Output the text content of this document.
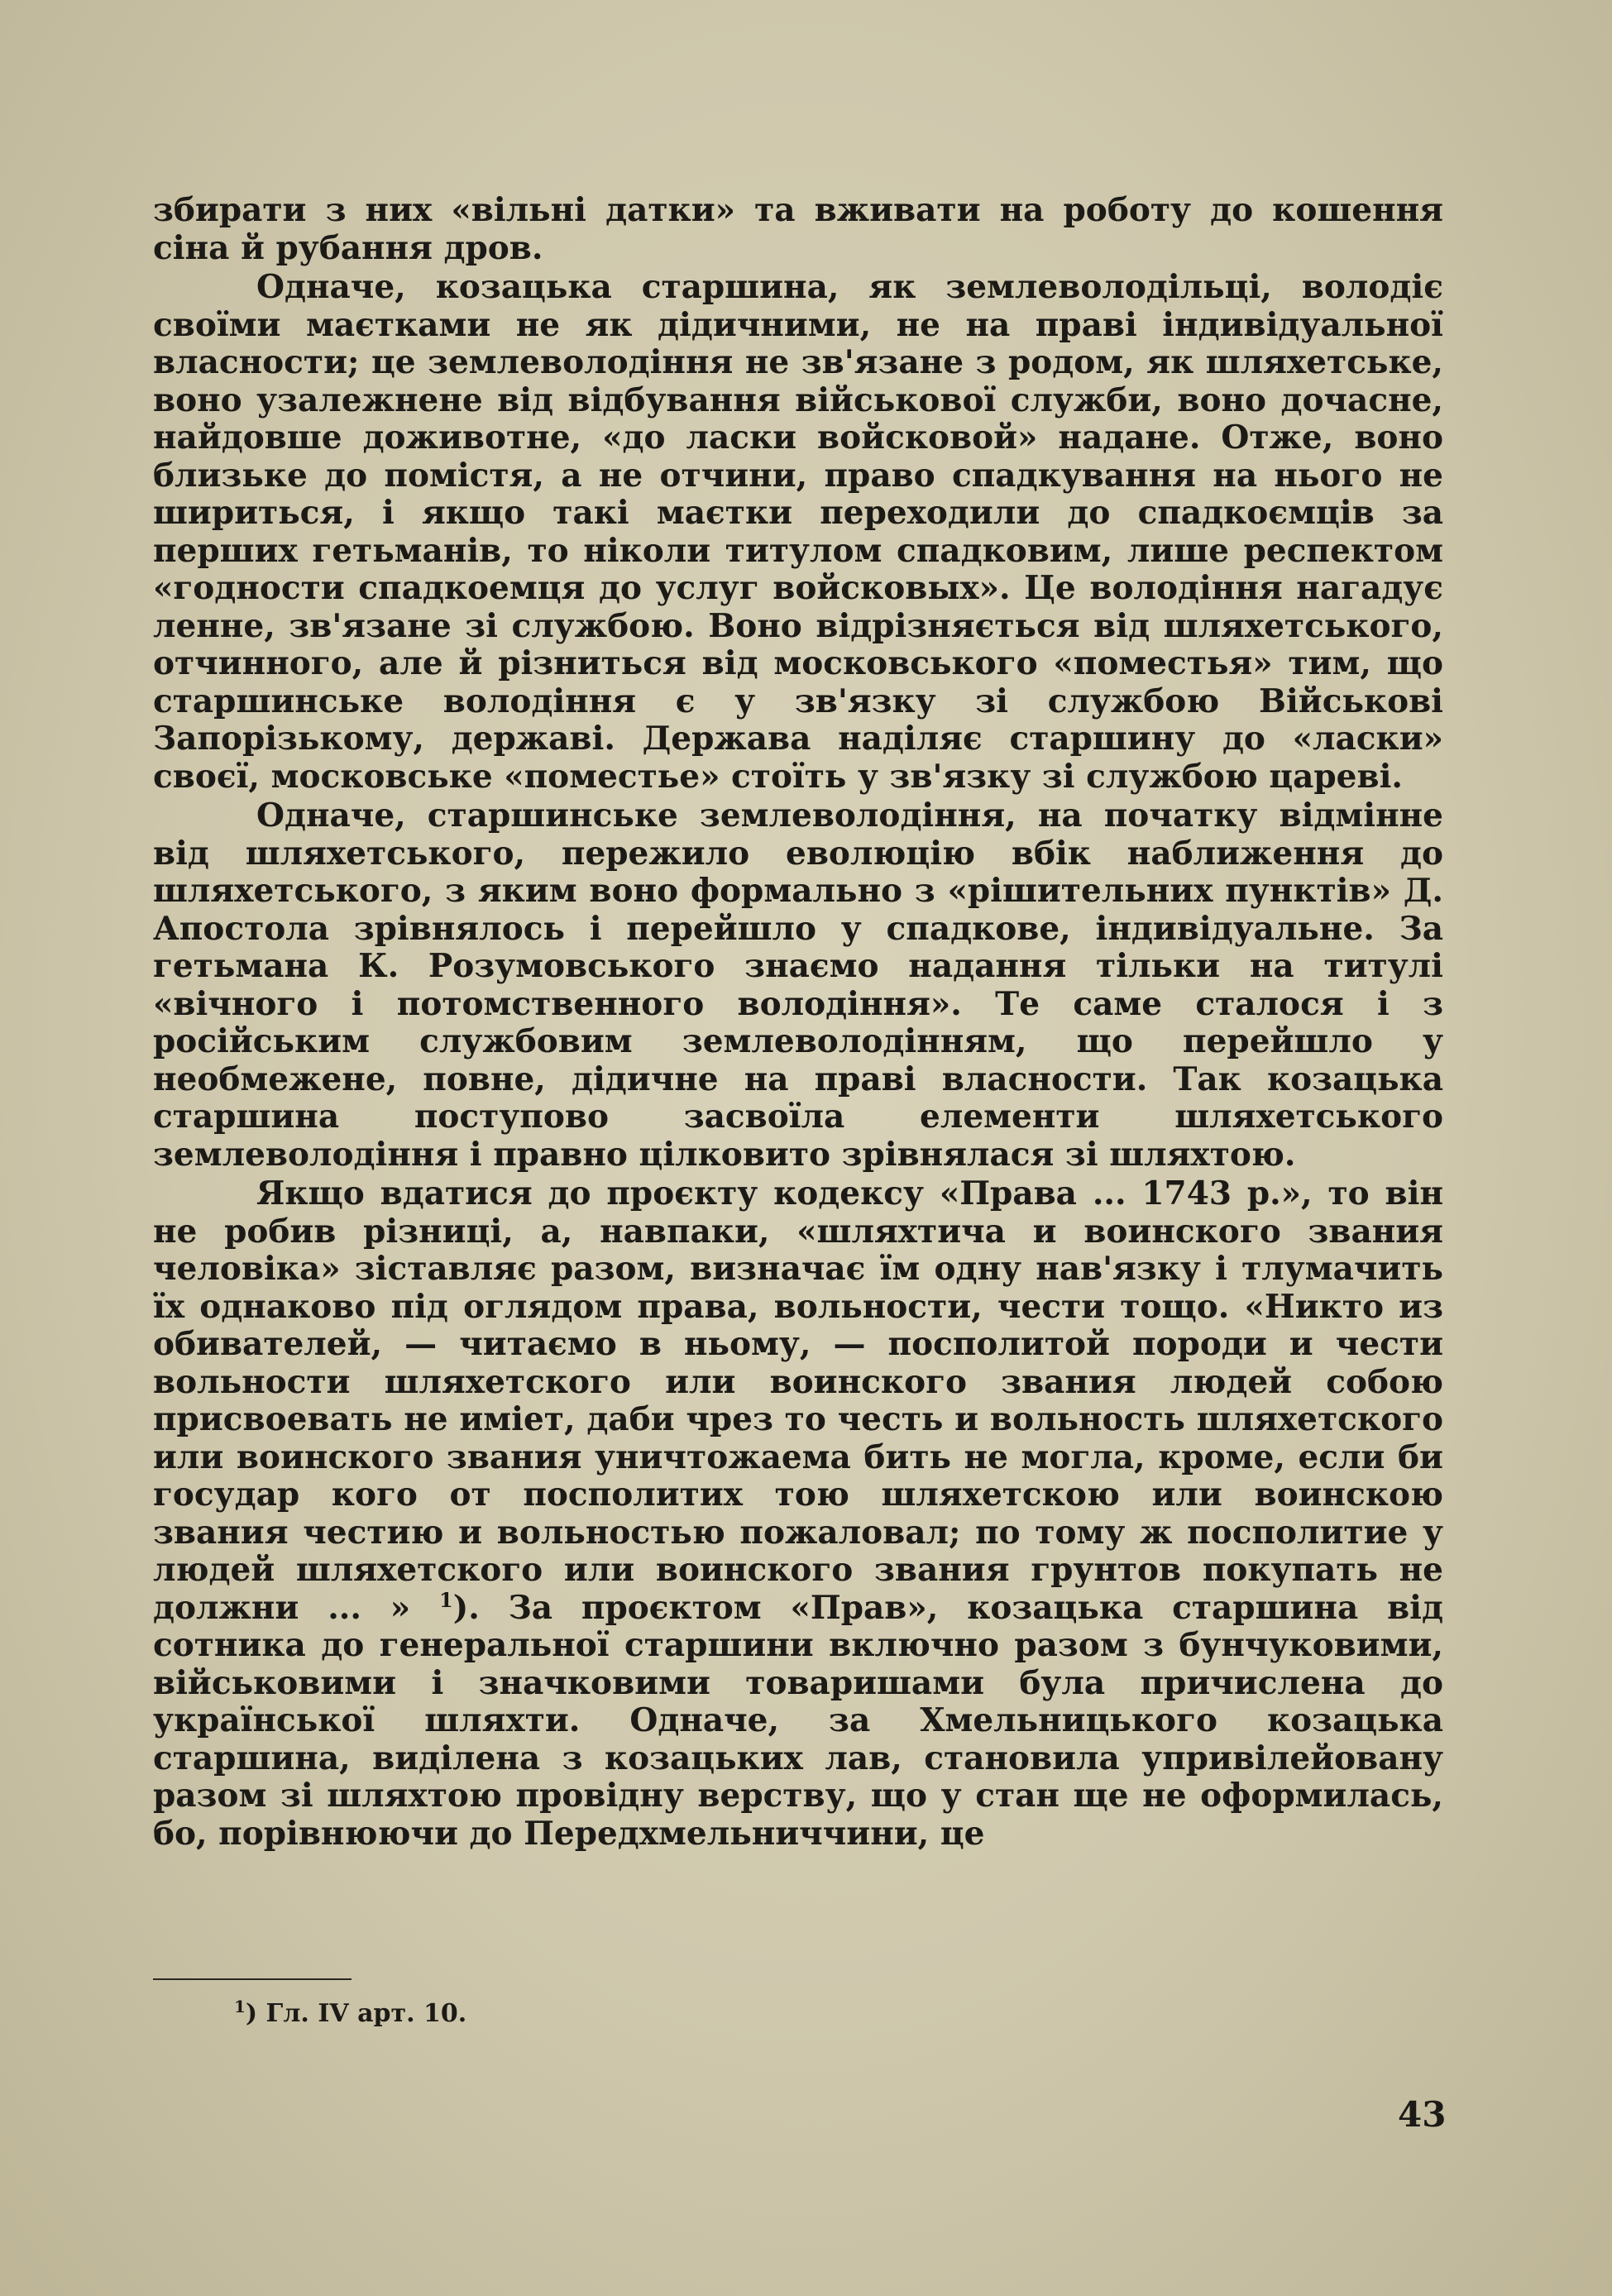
збирати з них «вільні датки» та вживати на роботу до кошення сіна й рубання дров.

Одначе, козацька старшина, як землеволодільці, володіє своїми маєтками не як дідичними, не на праві індивідуальної власности; це землеволодіння не зв'язане з родом, як шляхетське, воно узалежнене від відбування військової служби, воно дочасне, найдовше доживотне, «до ласки войсковой» надане. Отже, воно близьке до помістя, а не отчини, право спадкування на нього не шириться, і якщо такі маєтки переходили до спадкоємців за перших гетьманів, то ніколи титулом спадковим, лише респектом «годности спадкоемця до услуг войсковых». Це володіння нагадує ленне, зв'язане зі службою. Воно відрізняється від шляхетського, отчинного, але й різниться від московського «поместья» тим, що старшинське володіння є у зв'язку зі службою Військові Запорізькому, державі. Держава наділяє старшину до «ласки» своєї, московське «поместье» стоїть у зв'язку зі службою цареві.

Одначе, старшинське землеволодіння, на початку відмінне від шляхетського, пережило еволюцію вбік наближення до шляхетського, з яким воно формально з «рішительних пунктів» Д. Апостола зрівнялось і перейшло у спадкове, індивідуальне. За гетьмана К. Розумовського знаємо надання тільки на титулі «вічного і потомственного володіння». Те саме сталося і з російським службовим землеволодінням, що перейшло у необмежене, повне, дідичне на праві власности. Так козацька старшина поступово засвоїла елементи шляхетського землеволодіння і правно цілковито зрівнялася зі шляхтою.

Якщо вдатися до проєкту кодексу «Права ... 1743 р.», то він не робив різниці, а, навпаки, «шляхтича и воинского звания человіка» зіставляє разом, визначає їм одну нав'язку і тлумачить їх однаково під оглядом права, вольности, чести тощо. «Никто из обивателей, — читаємо в ньому, — посполитой породи и чести вольности шляхетского или воинского звания людей собою присвоевать не иміет, даби чрез то честь и вольность шляхетского или воинского звания уничтожаема бить не могла, кроме, если би государ кого от посполитих тою шляхетскою или воинскою звания честию и вольностью пожаловал; по тому ж посполитие у людей шляхетского или воинского звания грунтов покупать не должни ... » $^1$). За проєктом «Прав», козацька старшина від сотника до генеральної старшини включно разом з бунчуковими, військовими і значковими товаришами була причислена до української шляхти. Одначе, за Хмельницького козацька старшина, виділена з козацьких лав, становила упривілейовану разом зі шляхтою провідну верству, що у стан ще не оформилась, бо, порівнюючи до Передхмельниччини, це

$^1$) Гл. IV арт. 10.
43
